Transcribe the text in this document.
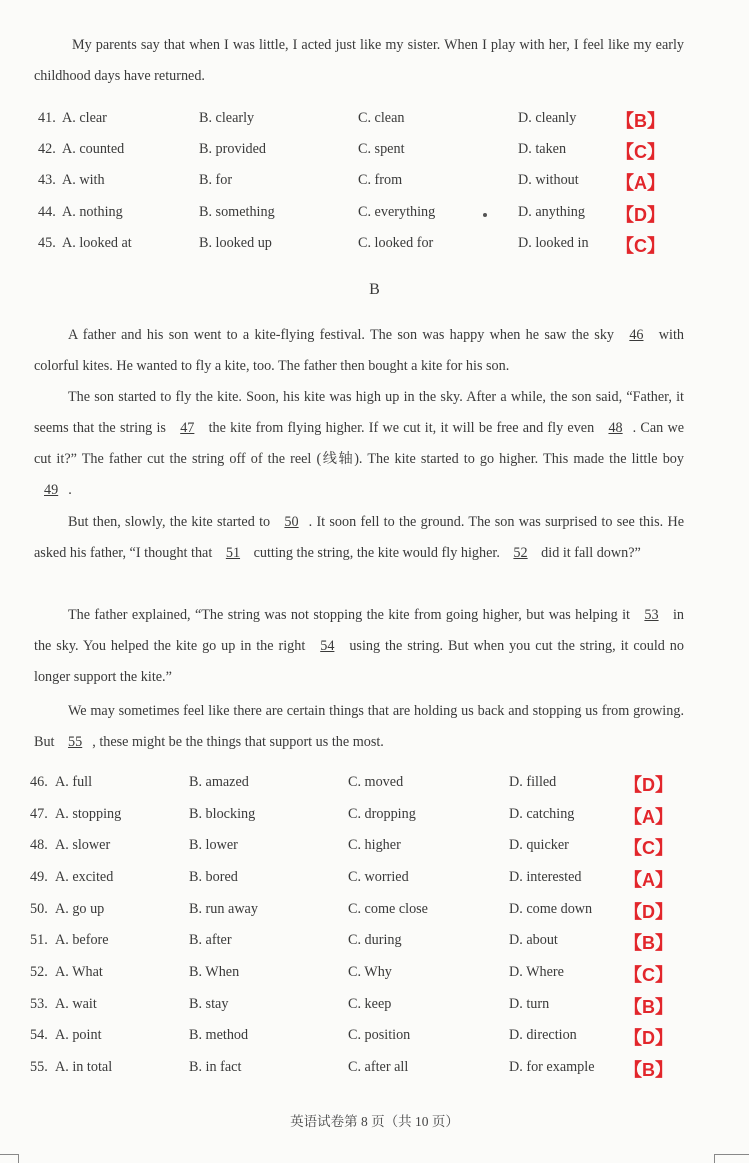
My parents say that when I was little, I acted just like my sister. When I play with her, I feel like my early childhood days have returned.

41. A. clear	B. clearly	C. clean	D. cleanly 【B】
42. A. counted	B. provided	C. spent	D. taken	【C】
43. A. with	B. for	C. from	D. without 【A】
44. A. nothing	B. something	C. everything	D. anything 【D】
45. A. looked at	B. looked up	C. looked for	D. looked in 【C】
B

A father and his son went to a kite-flying festival. The son was happy when he saw the sky 46 with colorful kites. He wanted to fly a kite, too. The father then bought a kite for his son.

The son started to fly the kite. Soon, his kite was high up in the sky. After a while, the son said, “Father, it seems that the string is 47 the kite from flying higher. If we cut it, it will be free and fly even 48 . Can we cut it?” The father cut the string off of the reel (线轴). The kite started to go higher. This made the little boy 49 .

But then, slowly, the kite started to 50 . It soon fell to the ground. The son was surprised to see this. He asked his father, “I thought that 51 cutting the string, the kite would fly higher. 52 did it fall down?”

The father explained, “The string was not stopping the kite from going higher, but was helping it 53 in the sky. You helped the kite go up in the right 54 using the string. But when you cut the string, it could no longer support the kite.”

We may sometimes feel like there are certain things that are holding us back and stopping us from growing. But 55 , these might be the things that support us the most.

46. A. full	B. amazed	C. moved	D. filled	【D】
47. A. stopping	B. blocking	C. dropping	D. catching	【A】
48. A. slower	B. lower	C. higher	D. quicker	【C】
49. A. excited	B. bored	C. worried	D. interested 【A】
50. A. go up	B. run away	C. come close	D. come down 【D】
51. A. before	B. after	C. during	D. about	【B】
52. A. What	B. When	C. Why	D. Where	【C】
53. A. wait	B. stay	C. keep	D. turn	【B】
54. A. point	B. method	C. position	D. direction	【D】
55. A. in total	B. in fact	C. after all	D. for example 【B】
英语试卷第 8 页（共 10 页）
